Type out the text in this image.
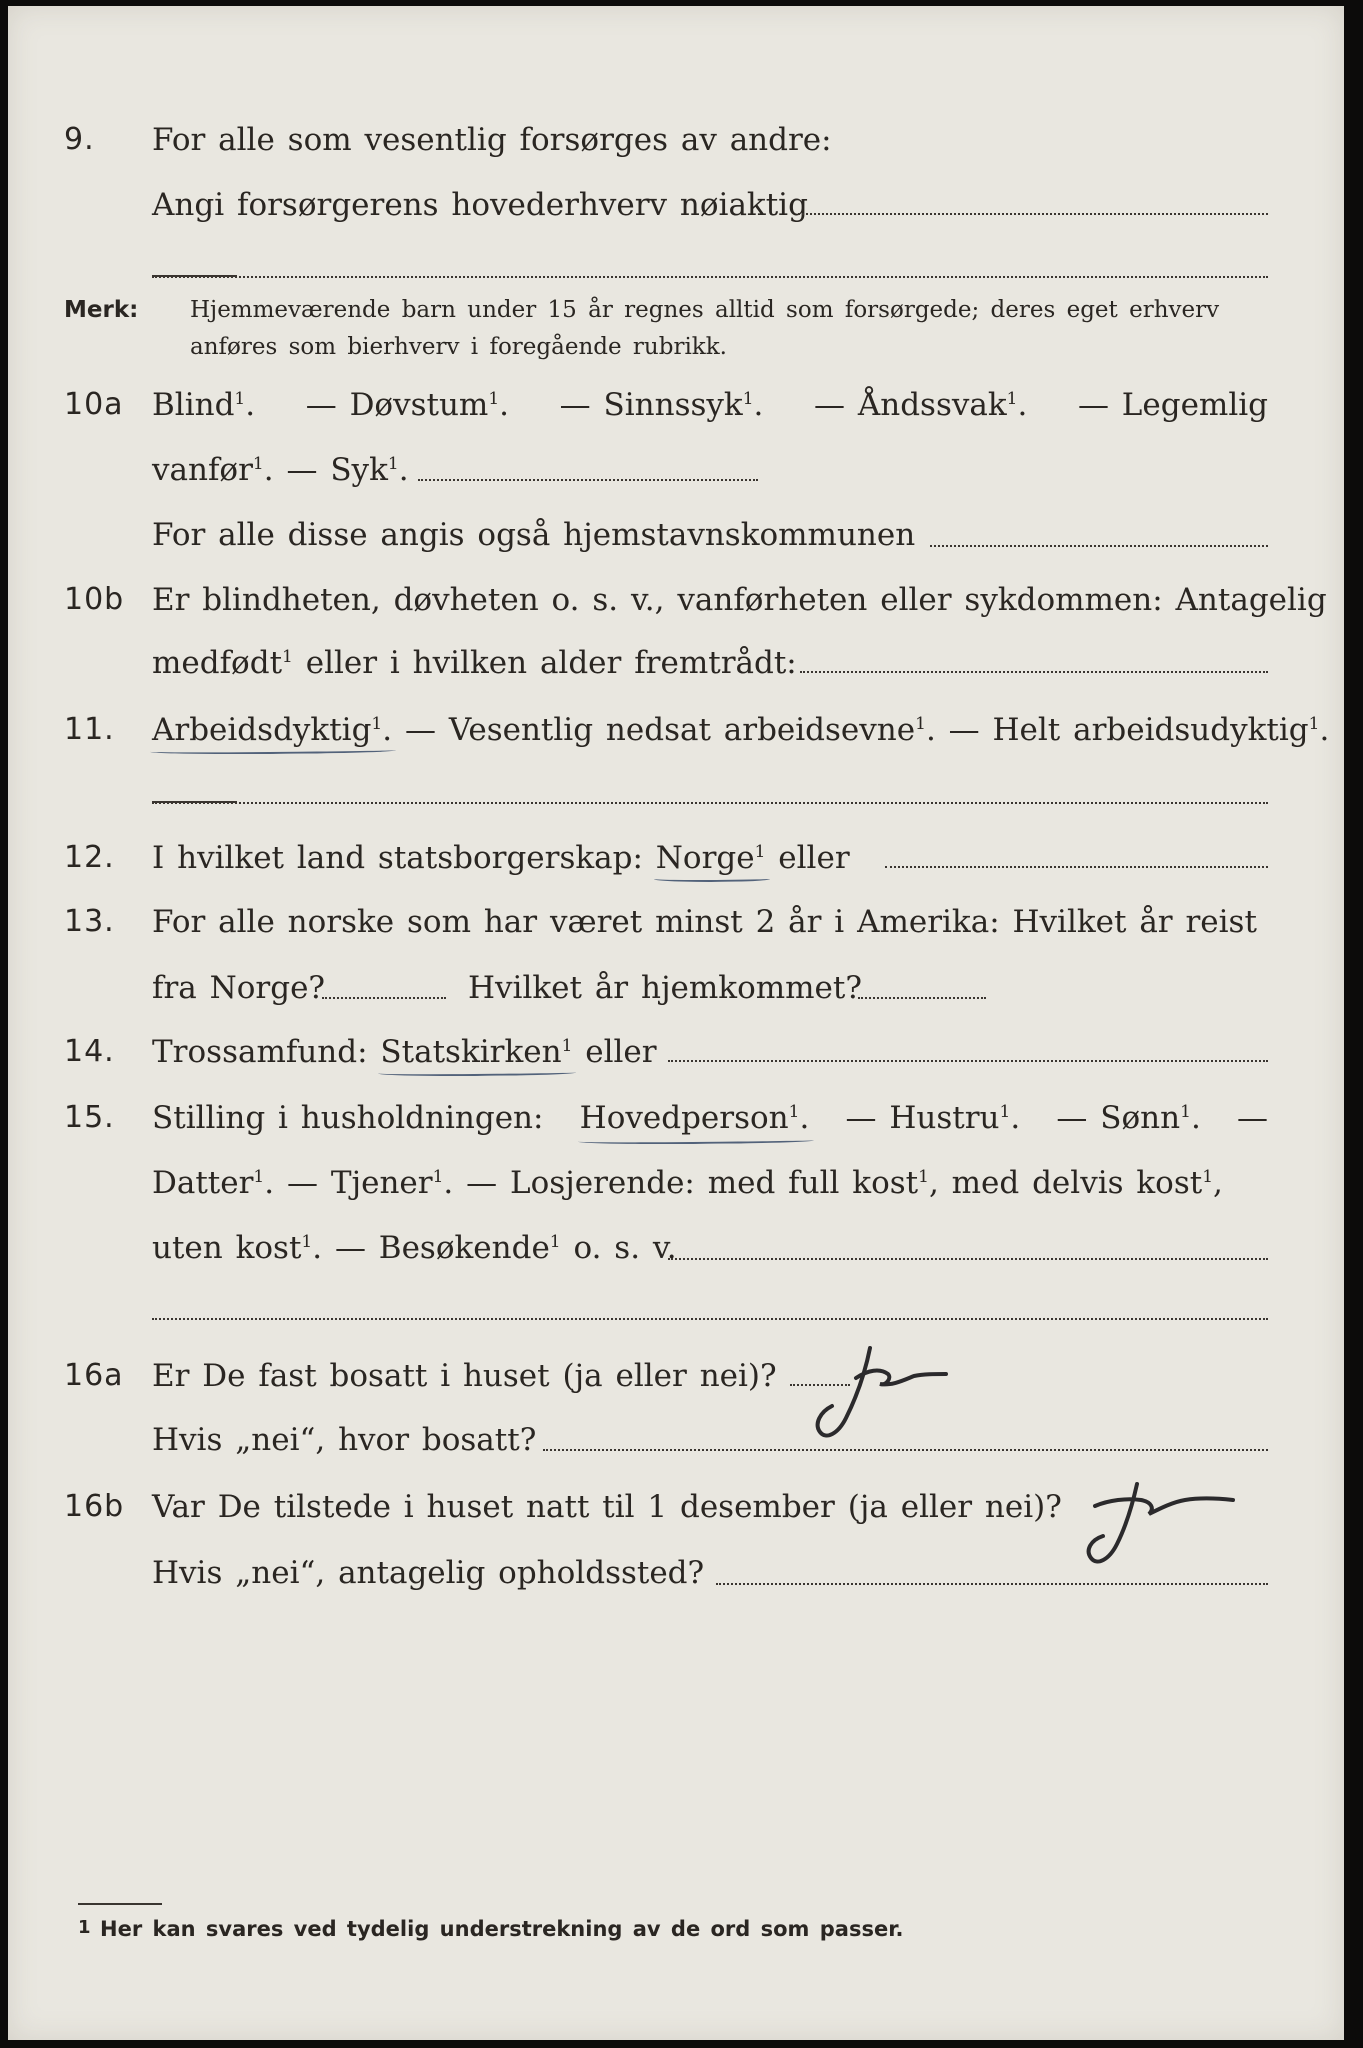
9. For alle som vesentlig forsørges av andre:
Angi forsørgerens hovederhverv nøiaktig
Merk: Hjemmeværende barn under 15 år regnes alltid som forsørgede; deres eget erhverv anføres som bierhverv i foregående rubrikk.
10a Blind$^1$. — Døvstum$^1$. — Sinnssyk$^1$. — Åndssvak$^1$. — Legemlig
vanfør$^1$. — Syk$^1$.
For alle disse angis også hjemstavnskommunen
10b Er blindheten, døvheten o. s. v., vanførheten eller sykdommen: Antagelig
medfødt$^1$ eller i hvilken alder fremtrådt:
11. Arbeidsdyktig$^1$. — Vesentlig nedsat arbeidsevne$^1$. — Helt arbeidsudyktig$^1$.
12. I hvilket land statsborgerskap: Norge$^1$ eller
13. For alle norske som har været minst 2 år i Amerika: Hvilket år reist
fra Norge?	Hvilket år hjemkommet?
14. Trossamfund: Statskirken$^1$ eller
15. Stilling i husholdningen: Hovedperson$^1$. — Hustru$^1$. — Sønn$^1$. —
Datter$^1$. — Tjener$^1$. — Losjerende: med full kost$^1$, med delvis kost$^1$,
uten kost$^1$. — Besøkende$^1$ o. s. v.
16a Er De fast bosatt i huset (ja eller nei)?
Hvis „nei“, hvor bosatt?
16b Var De tilstede i huset natt til 1 desember (ja eller nei)?
Hvis „nei“, antagelig opholdssted?
1 Her kan svares ved tydelig understrekning av de ord som passer.
